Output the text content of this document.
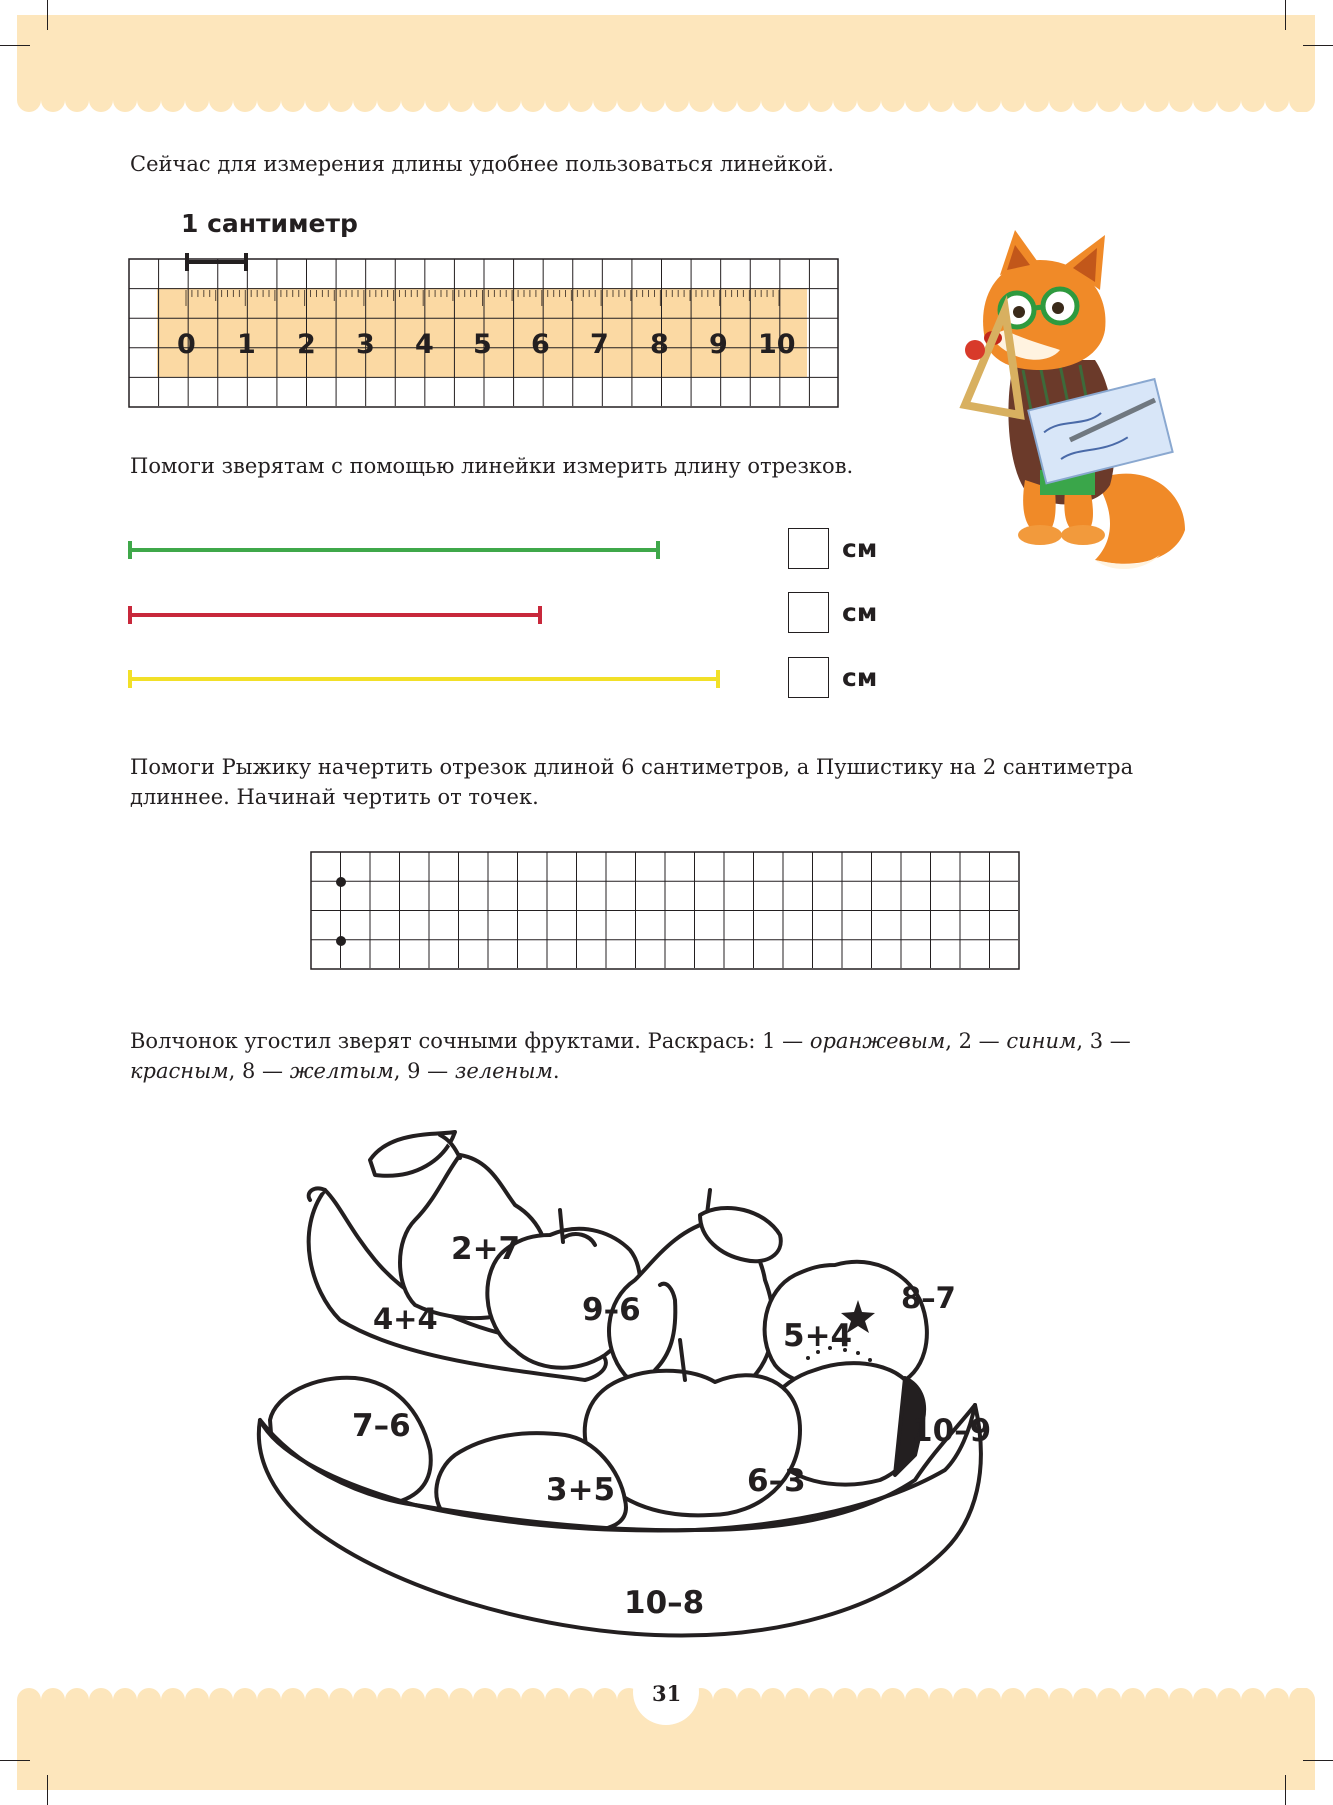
31
Сейчас для измерения длины удобнее пользоваться линейкой.
1 сантиметр
0 1 2 3 4 5 6 7 8 9 10
Помоги зверятам с помощью линейки измерить длину отрезков.
см
см
см
Помоги Рыжику начертить отрезок длиной 6 сантиметров, а Пушистику на 2 сантиметра
длиннее. Начинай чертить от точек.
Волчонок угостил зверят сочными фруктами. Раскрась: 1 — оранжевым, 2 — синим, 3 —
красным, 8 — желтым, 9 — зеленым.
2+7
4+4	9–6
5+4
8–7
7–6
3+5	6–3
10–9
10–8
